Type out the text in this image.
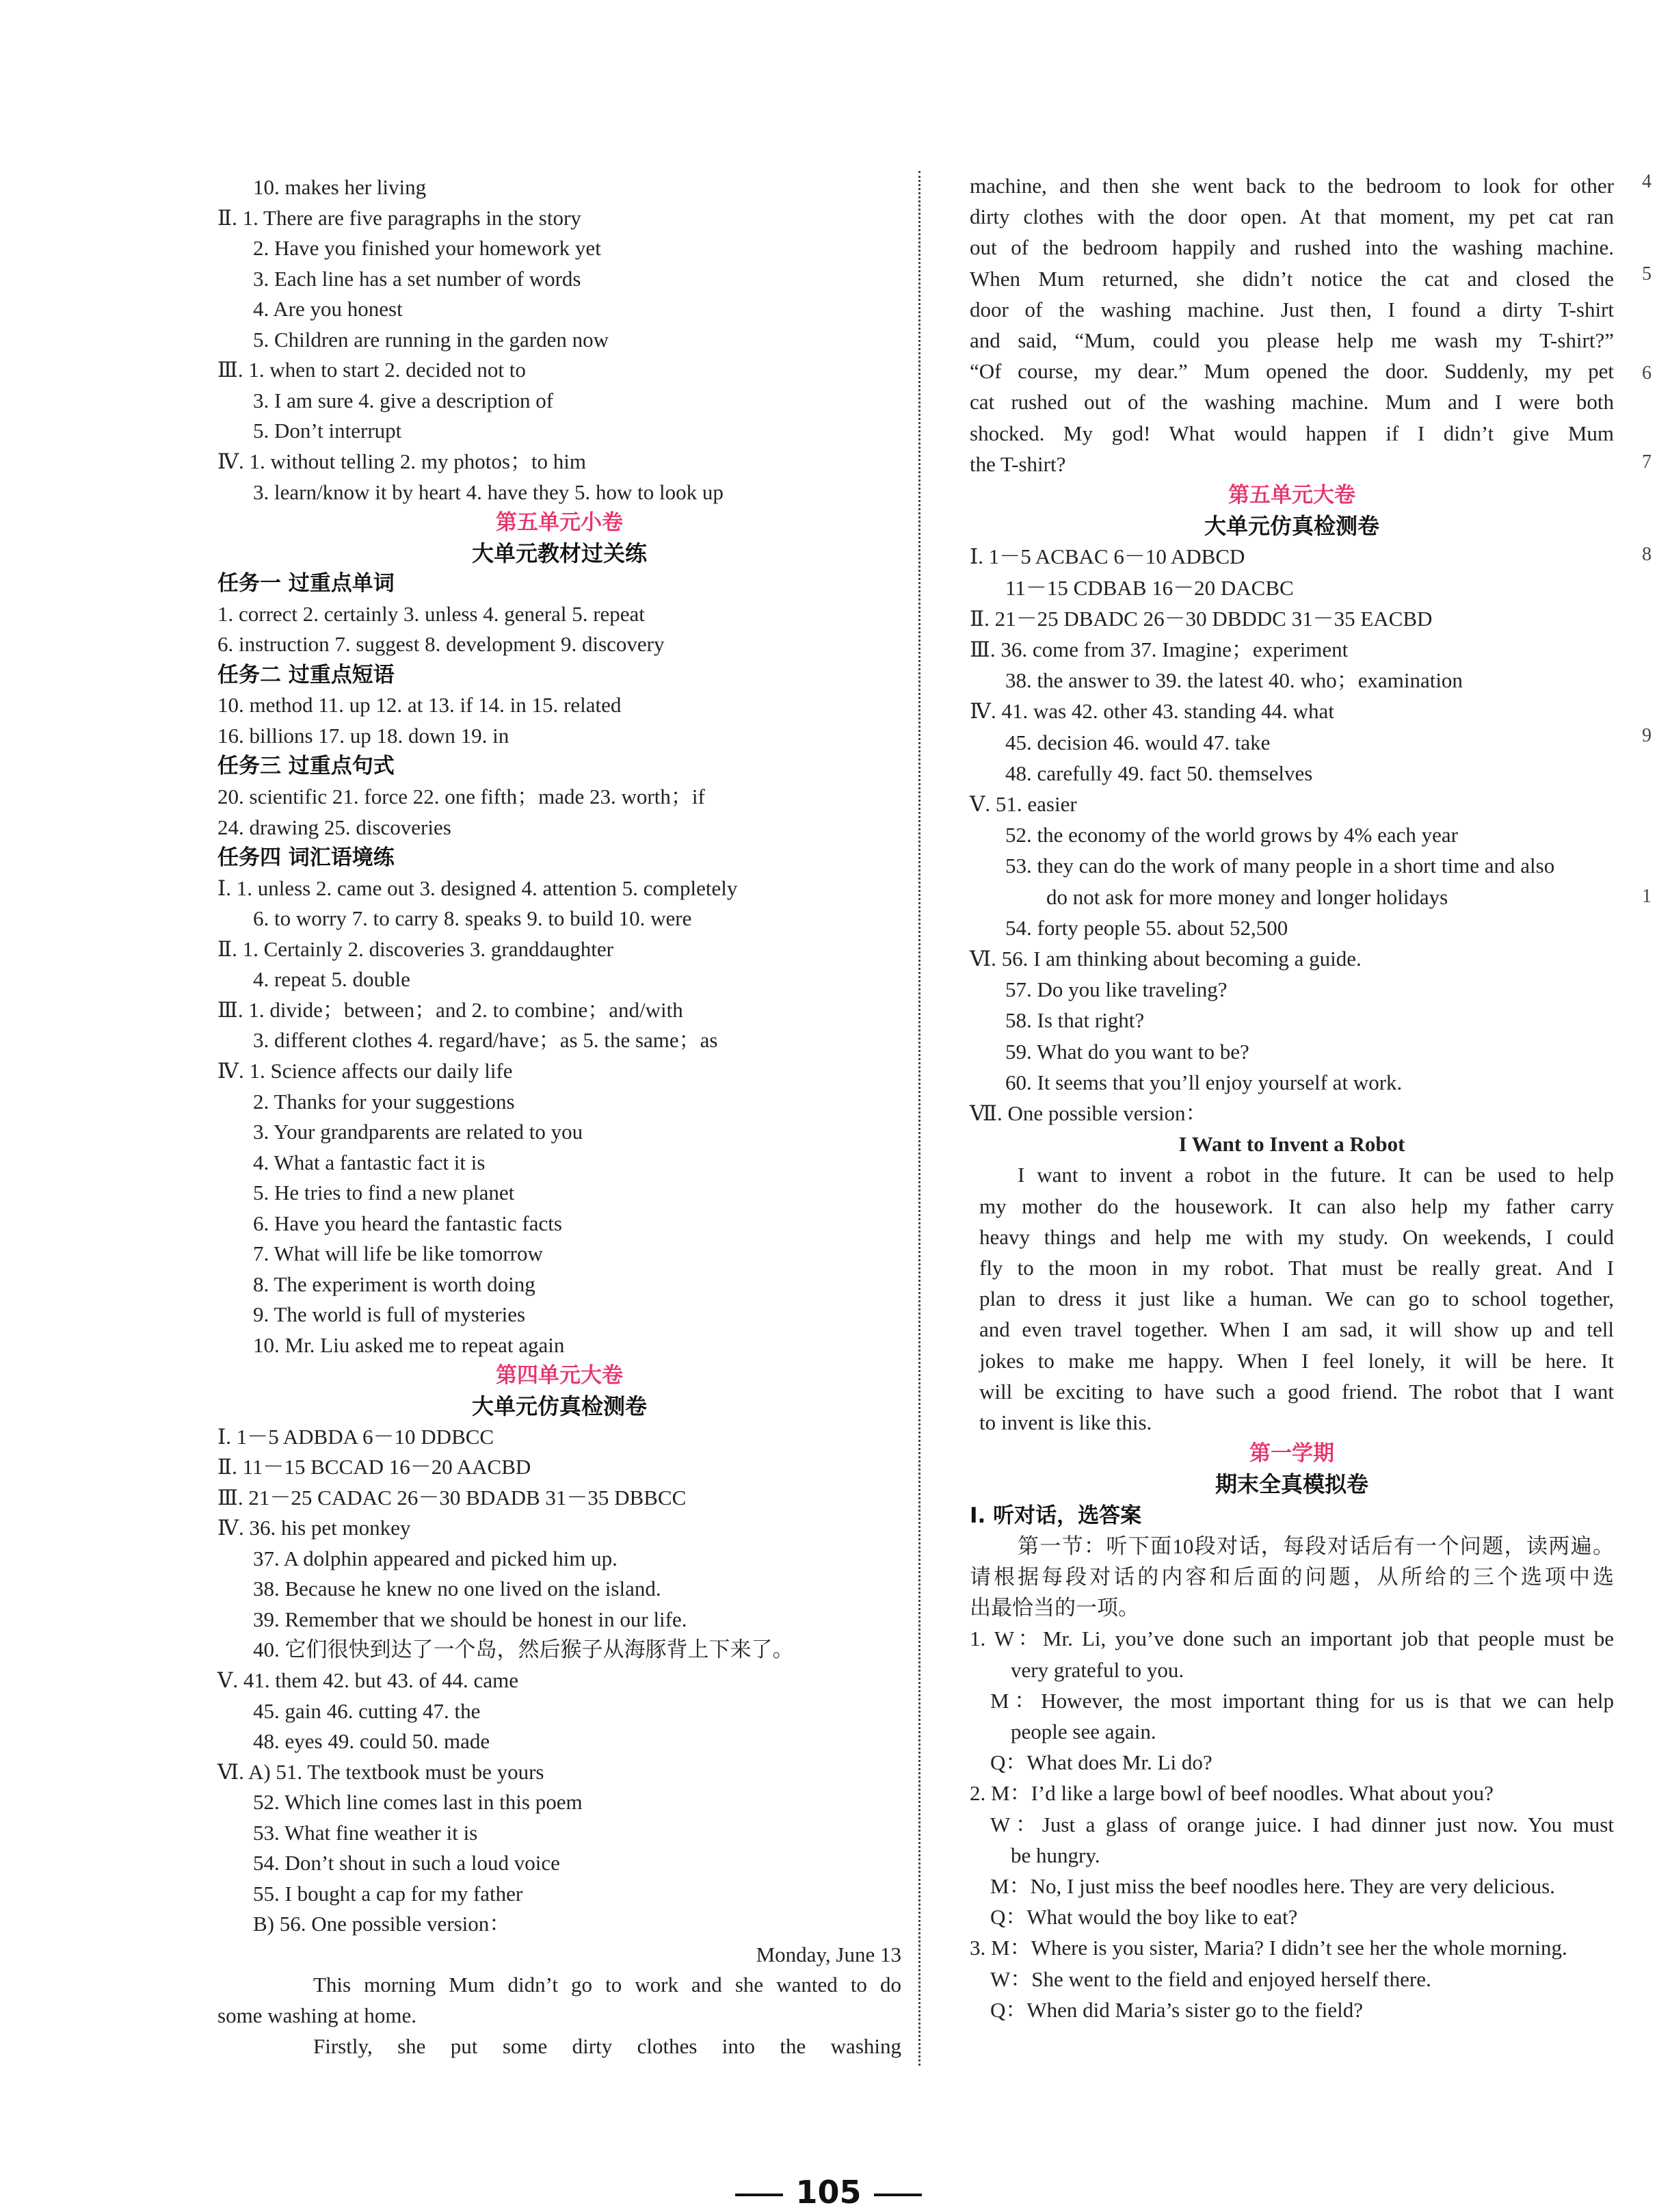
10. makes her living
Ⅱ. 1. There are five paragraphs in the story
2. Have you finished your homework yet
3. Each line has a set number of words
4. Are you honest
5. Children are running in the garden now
Ⅲ. 1. when to start 2. decided not to
3. I am sure 4. give a description of
5. Don’t interrupt
Ⅳ. 1. without telling 2. my photos；to him
3. learn/know it by heart 4. have they 5. how to look up
第五单元小卷
大单元教材过关练
任务一 过重点单词
1. correct 2. certainly 3. unless 4. general 5. repeat
6. instruction 7. suggest 8. development 9. discovery
任务二 过重点短语
10. method 11. up 12. at 13. if 14. in 15. related
16. billions 17. up 18. down 19. in
任务三 过重点句式
20. scientific 21. force 22. one fifth；made 23. worth；if
24. drawing 25. discoveries
任务四 词汇语境练
Ⅰ. 1. unless 2. came out 3. designed 4. attention 5. completely
6. to worry 7. to carry 8. speaks 9. to build 10. were
Ⅱ. 1. Certainly 2. discoveries 3. granddaughter
4. repeat 5. double
Ⅲ. 1. divide；between；and 2. to combine；and/with
3. different clothes 4. regard/have；as 5. the same；as
Ⅳ. 1. Science affects our daily life
2. Thanks for your suggestions
3. Your grandparents are related to you
4. What a fantastic fact it is
5. He tries to find a new planet
6. Have you heard the fantastic facts
7. What will life be like tomorrow
8. The experiment is worth doing
9. The world is full of mysteries
10. Mr. Liu asked me to repeat again
第四单元大卷
大单元仿真检测卷
Ⅰ. 1－5 ADBDA 6－10 DDBCC
Ⅱ. 11－15 BCCAD 16－20 AACBD
Ⅲ. 21－25 CADAC 26－30 BDADB 31－35 DBBCC
Ⅳ. 36. his pet monkey
37. A dolphin appeared and picked him up.
38. Because he knew no one lived on the island.
39. Remember that we should be honest in our life.
40. 它们很快到达了一个岛，然后猴子从海豚背上下来了。
Ⅴ. 41. them 42. but 43. of 44. came
45. gain 46. cutting 47. the
48. eyes 49. could 50. made
Ⅵ. A) 51. The textbook must be yours
52. Which line comes last in this poem
53. What fine weather it is
54. Don’t shout in such a loud voice
55. I bought a cap for my father
B) 56. One possible version：
Monday, June 13
This morning Mum didn’t go to work and she wanted to do
some washing at home.
Firstly, she put some dirty clothes into the washing
machine, and then she went back to the bedroom to look for other
dirty clothes with the door open. At that moment, my pet cat ran
out of the bedroom happily and rushed into the washing machine.
When Mum returned, she didn’t notice the cat and closed the
door of the washing machine. Just then, I found a dirty T-shirt
and said, “Mum, could you please help me wash my T-shirt?”
“Of course, my dear.” Mum opened the door. Suddenly, my pet
cat rushed out of the washing machine. Mum and I were both
shocked. My god! What would happen if I didn’t give Mum
the T-shirt?
第五单元大卷
大单元仿真检测卷
Ⅰ. 1－5 ACBAC 6－10 ADBCD
11－15 CDBAB 16－20 DACBC
Ⅱ. 21－25 DBADC 26－30 DBDDC 31－35 EACBD
Ⅲ. 36. come from 37. Imagine；experiment
38. the answer to 39. the latest 40. who；examination
Ⅳ. 41. was 42. other 43. standing 44. what
45. decision 46. would 47. take
48. carefully 49. fact 50. themselves
Ⅴ. 51. easier
52. the economy of the world grows by 4% each year
53. they can do the work of many people in a short time and also
do not ask for more money and longer holidays
54. forty people 55. about 52,500
Ⅵ. 56. I am thinking about becoming a guide.
57. Do you like traveling?
58. Is that right?
59. What do you want to be?
60. It seems that you’ll enjoy yourself at work.
Ⅶ. One possible version：
I Want to Invent a Robot
I want to invent a robot in the future. It can be used to help
my mother do the housework. It can also help my father carry
heavy things and help me with my study. On weekends, I could
fly to the moon in my robot. That must be really great. And I
plan to dress it just like a human. We can go to school together,
and even travel together. When I am sad, it will show up and tell
jokes to make me happy. When I feel lonely, it will be here. It
will be exciting to have such a good friend. The robot that I want
to invent is like this.
第一学期
期末全真模拟卷
Ⅰ. 听对话，选答案
第一节：听下面10段对话，每段对话后有一个问题，读两遍。
请根据每段对话的内容和后面的问题，从所给的三个选项中选
出最恰当的一项。
1. W：Mr. Li, you’ve done such an important job that people must be
very grateful to you.
M：However, the most important thing for us is that we can help
people see again.
Q：What does Mr. Li do?
2. M：I’d like a large bowl of beef noodles. What about you?
W：Just a glass of orange juice. I had dinner just now. You must
be hungry.
M：No, I just miss the beef noodles here. They are very delicious.
Q：What would the boy like to eat?
3. M：Where is you sister, Maria? I didn’t see her the whole morning.
W：She went to the field and enjoyed herself there.
Q：When did Maria’s sister go to the field?
105
4
5
6
7
8
9
1
